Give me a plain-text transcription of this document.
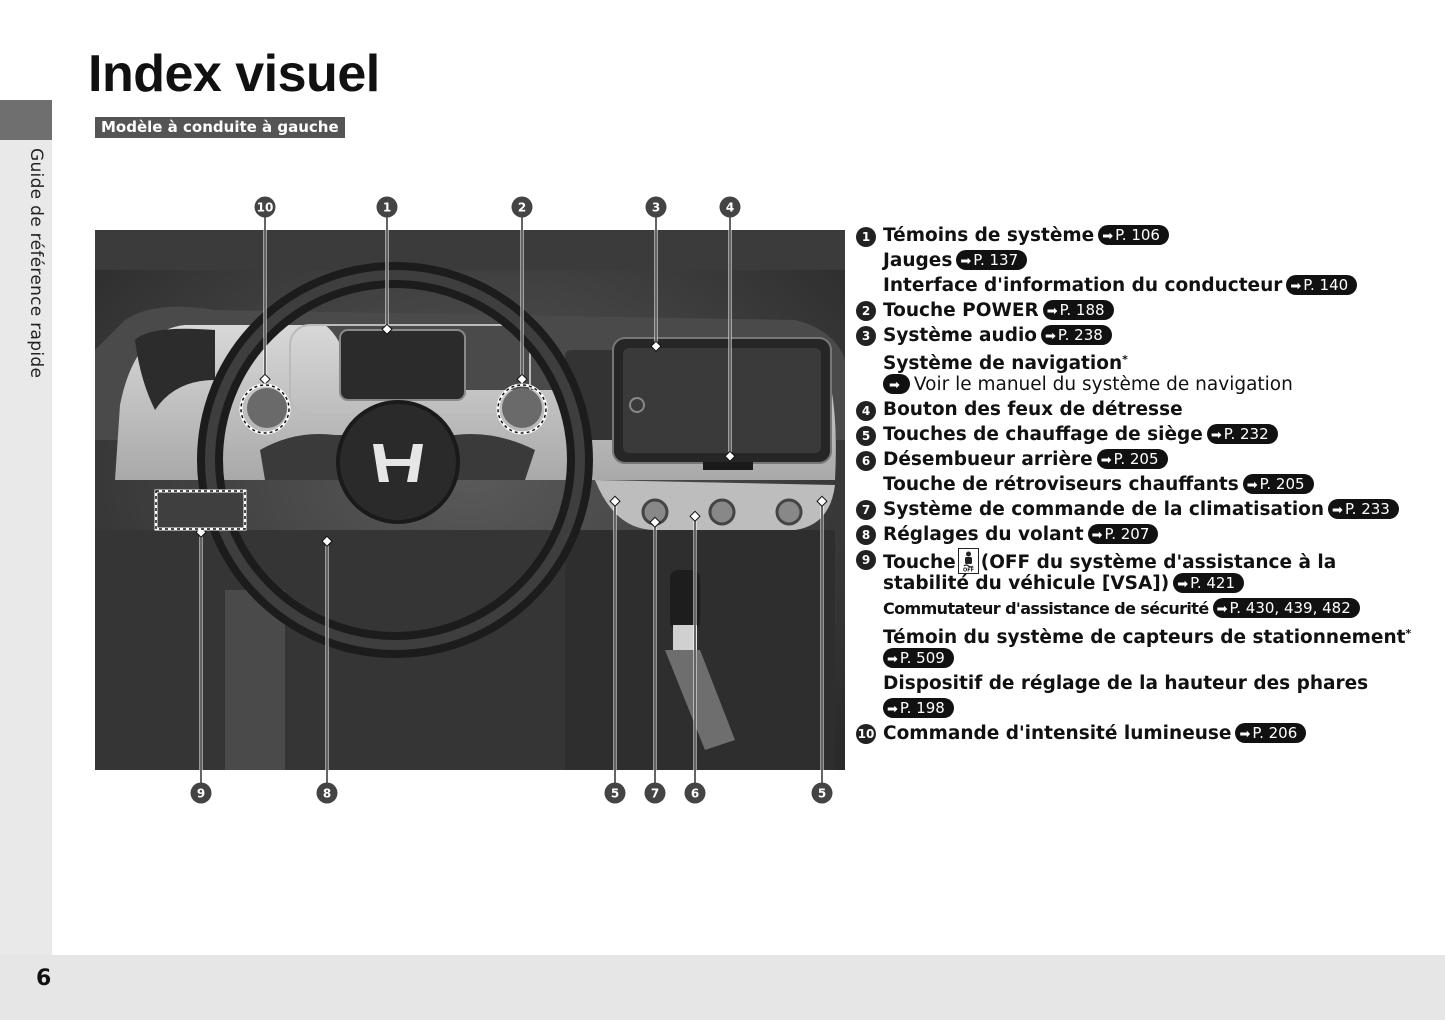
Guide de référence rapide
6
Index visuel
Modèle à conduite à gauche
10	1	2	3	4
9	8	5	7	6	5
1 Témoins de système ➡ P. 106
Jauges ➡ P. 137
Interface d'information du conducteur ➡ P. 140
2 Touche POWER ➡ P. 188
3 Système audio ➡ P. 238
Système de navigation*
➡ Voir le manuel du système de navigation
4 Bouton des feux de détresse
5 Touches de chauffage de siège ➡ P. 232
6 Désembueur arrière ➡ P. 205
Touche de rétroviseurs chauffants ➡ P. 205
7 Système de commande de la climatisation ➡ P. 233
8 Réglages du volant ➡ P. 207
9 Touche OFF (OFF du système d'assistance à la
stabilité du véhicule [VSA]) ➡ P. 421
Commutateur d'assistance de sécurité ➡ P. 430, 439, 482
Témoin du système de capteurs de stationnement*
➡ P. 509
Dispositif de réglage de la hauteur des phares
➡ P. 198
10 Commande d'intensité lumineuse ➡ P. 206
